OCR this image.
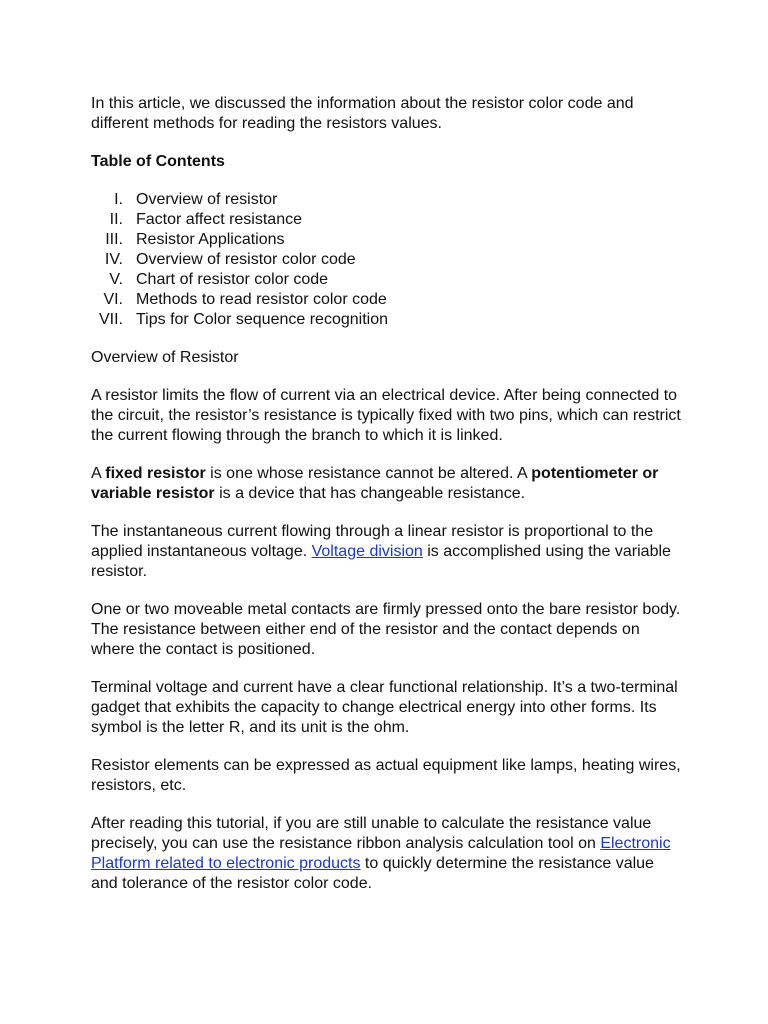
In this article, we discussed the information about the resistor color code and different methods for reading the resistors values.

Table of Contents
I. Overview of resistor
II. Factor affect resistance
III. Resistor Applications
IV. Overview of resistor color code
V. Chart of resistor color code
VI. Methods to read resistor color code
VII. Tips for Color sequence recognition

Overview of Resistor

A resistor limits the flow of current via an electrical device. After being connected to the circuit, the resistor’s resistance is typically fixed with two pins, which can restrict the current flowing through the branch to which it is linked.

A fixed resistor is one whose resistance cannot be altered. A potentiometer or variable resistor is a device that has changeable resistance.

The instantaneous current flowing through a linear resistor is proportional to the applied instantaneous voltage. Voltage division is accomplished using the variable resistor.

One or two moveable metal contacts are firmly pressed onto the bare resistor body. The resistance between either end of the resistor and the contact depends on where the contact is positioned.

Terminal voltage and current have a clear functional relationship. It’s a two-terminal gadget that exhibits the capacity to change electrical energy into other forms. Its symbol is the letter R, and its unit is the ohm.

Resistor elements can be expressed as actual equipment like lamps, heating wires, resistors, etc.

After reading this tutorial, if you are still unable to calculate the resistance value precisely, you can use the resistance ribbon analysis calculation tool on Electronic Platform related to electronic products to quickly determine the resistance value and tolerance of the resistor color code.
